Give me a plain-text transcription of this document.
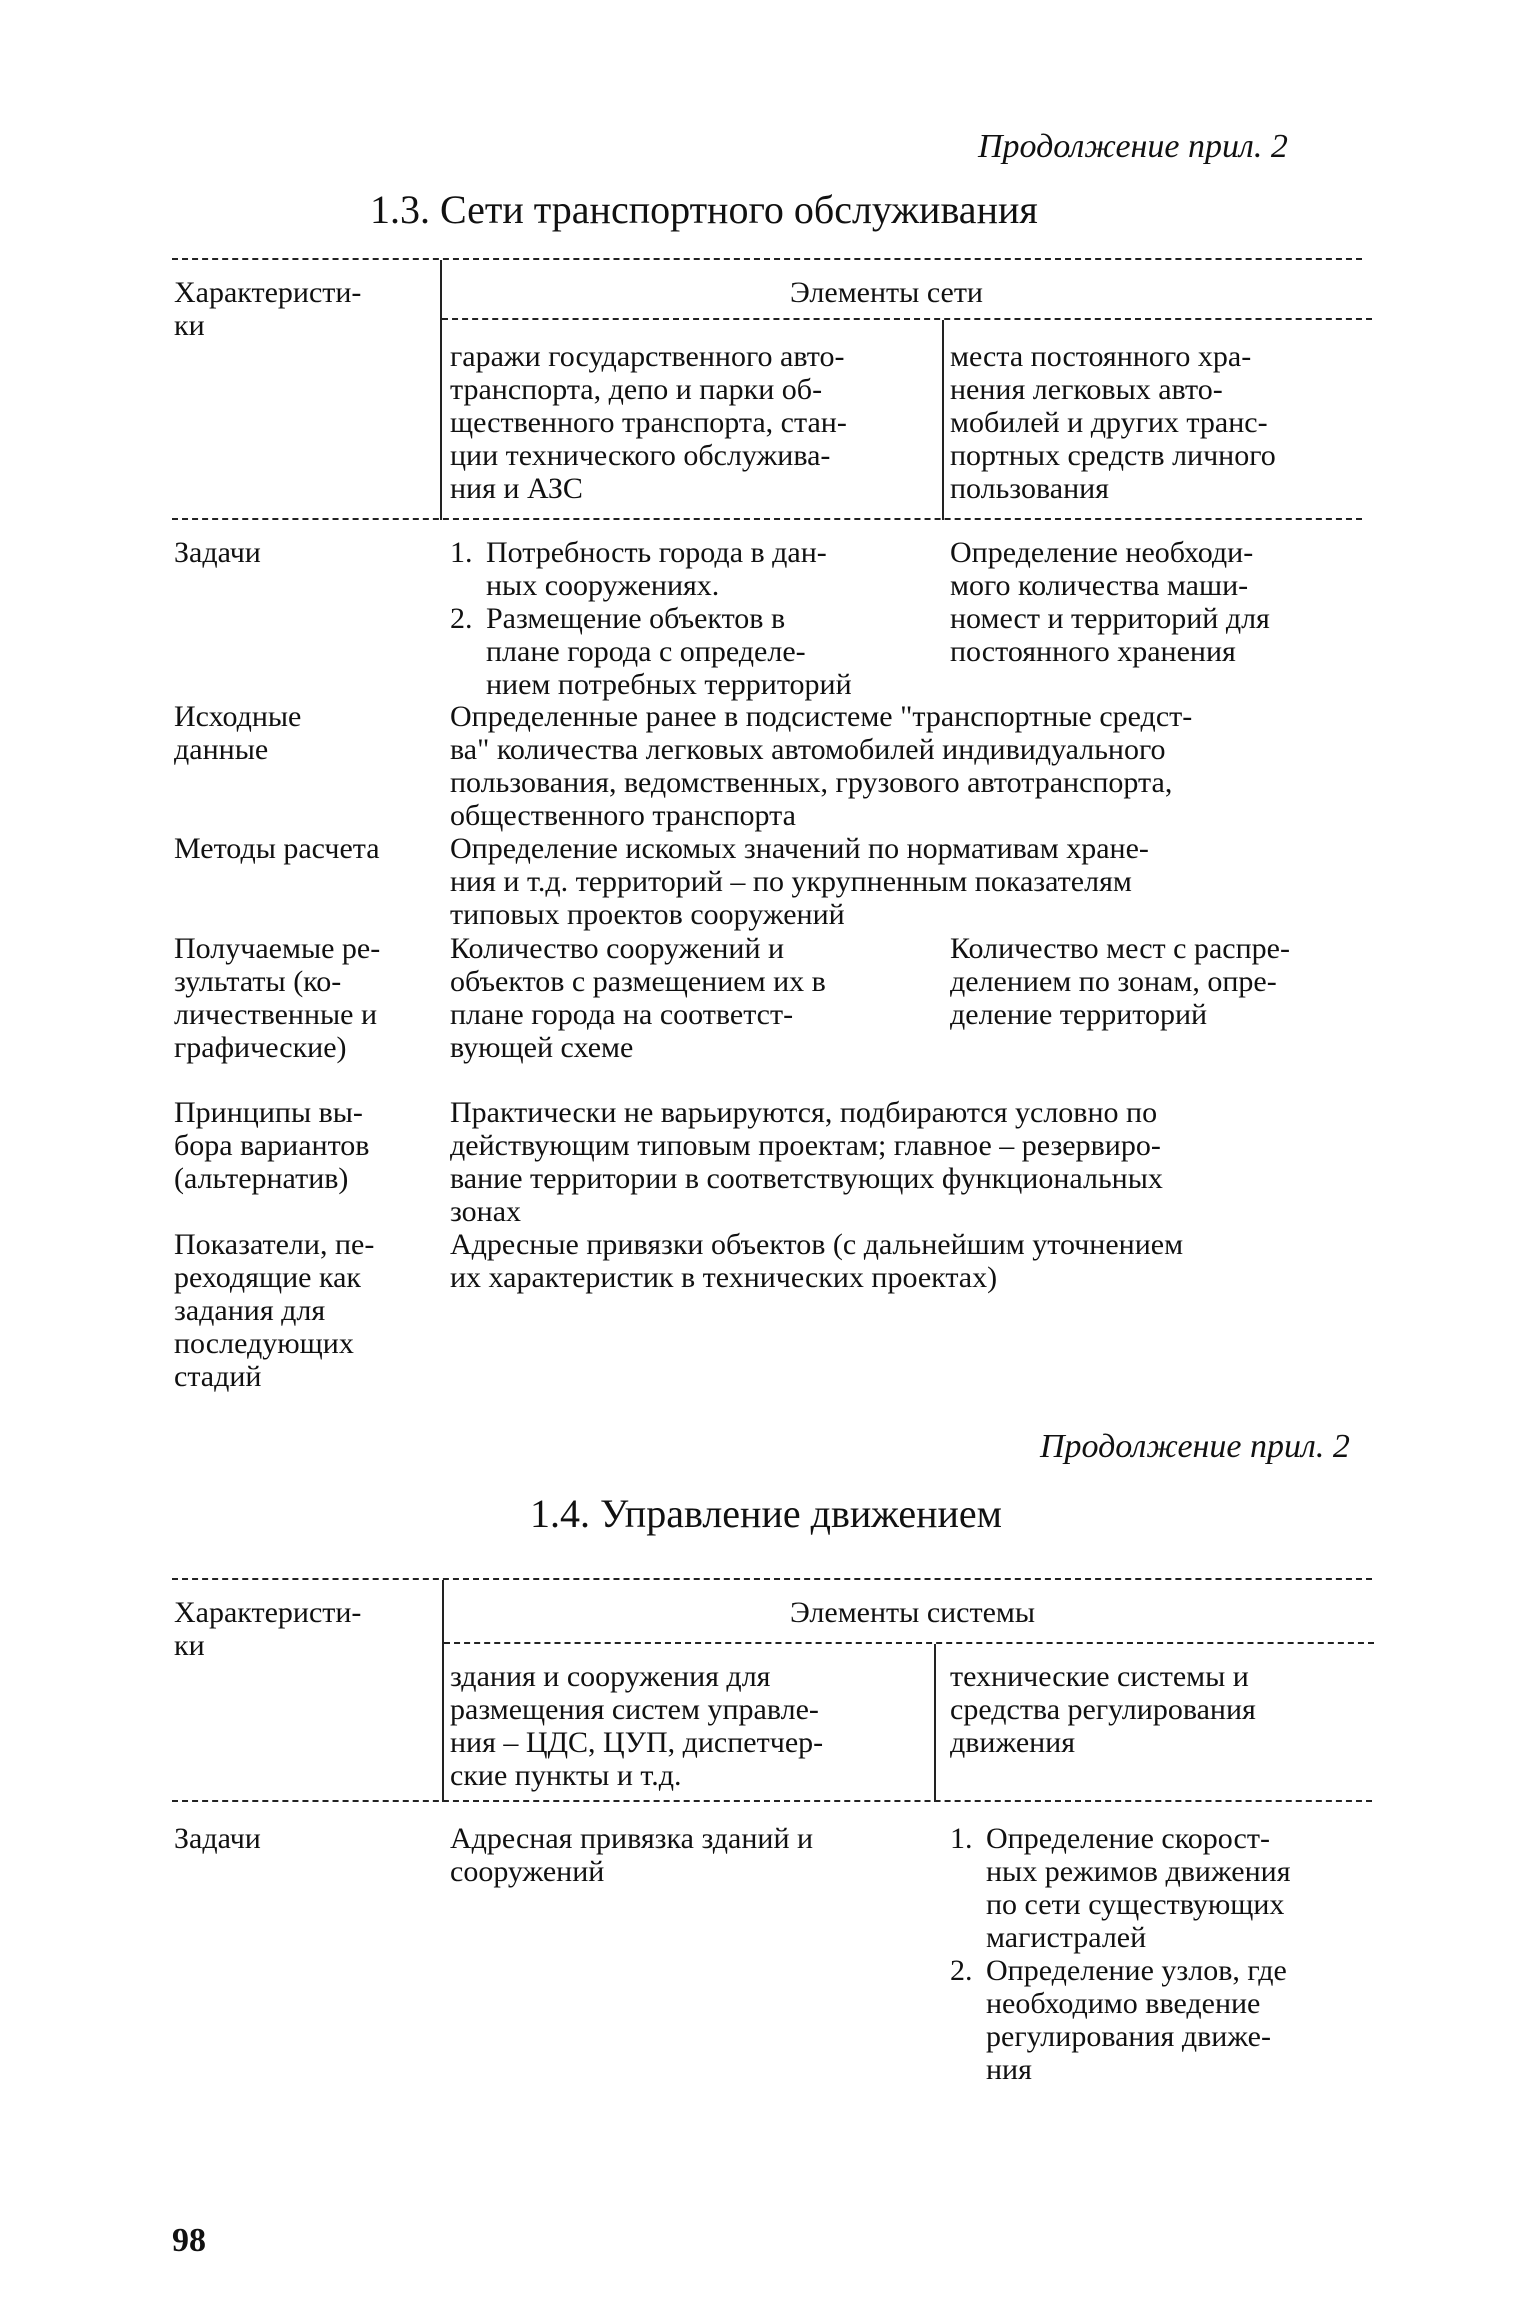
Продолжение прил. 2
1.3. Сети транспортного обслуживания
Характеристи-
ки
Элементы сети
гаражи государственного авто-
транспорта, депо и парки об-
щественного транспорта, стан-
ции технического обслужива-
ния и АЗС
места постоянного хра-
нения легковых авто-
мобилей и других транс-
портных средств личного
пользования
Задачи	1. Потребность города в дан-
ных сооружениях.
2. Размещение объектов в
плане города с определе-
нием потребных территорий
Определение необходи-
мого количества маши-
номест и территорий для
постоянного хранения
Исходные
данные
Определенные ранее в подсистеме "транспортные средст-
ва" количества легковых автомобилей индивидуального
пользования, ведомственных, грузового автотранспорта,
общественного транспорта
Методы расчета Определение искомых значений по нормативам хране-
ния и т.д. территорий – по укрупненным показателям
типовых проектов сооружений
Получаемые ре-
зультаты (ко-
личественные и
графические)
Количество сооружений и
объектов с размещением их в
плане города на соответст-
вующей схеме
Количество мест с распре-
делением по зонам, опре-
деление территорий
Принципы вы-
бора вариантов
(альтернатив)
Практически не варьируются, подбираются условно по
действующим типовым проектам; главное – резервиро-
вание территории в соответствующих функциональных
зонах
Показатели, пе-
реходящие как
задания для
последующих
стадий
Адресные привязки объектов (с дальнейшим уточнением
их характеристик в технических проектах)
Продолжение прил. 2
1.4. Управление движением
Характеристи-
ки
Элементы системы
здания и сооружения для
размещения систем управле-
ния – ЦДС, ЦУП, диспетчер-
ские пункты и т.д.
технические системы и
средства регулирования
движения
Задачи	Адресная привязка зданий и
сооружений
1. Определение скорост-
ных режимов движения
по сети существующих
магистралей
2. Определение узлов, где
необходимо введение
регулирования движе-
ния
98
